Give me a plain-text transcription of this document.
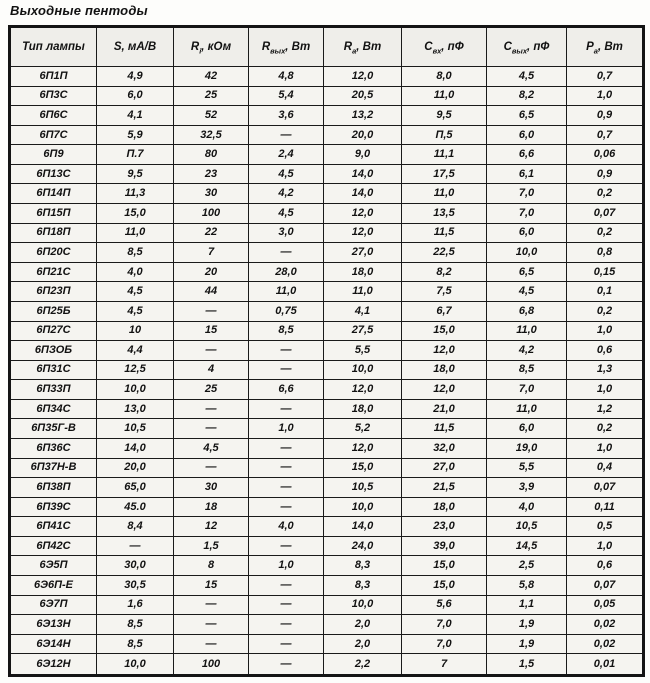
Выходные пентоды
Тип лампы	S, мА/В	$R_i$, кОм	$R_{вых}$, Вт	$R_а$, Вт	$C_{вх}$, пФ	$C_{вых}$, пФ	$P_а$, Вт
6П1П	4,9	42	4,8	12,0	8,0	4,5	0,7
6П3С	6,0	25	5,4	20,5	11,0	8,2	1,0
6П6С	4,1	52	3,6	13,2	9,5	6,5	0,9
6П7С	5,9	32,5	—	20,0	П,5	6,0	0,7
6П9	П.7	80	2,4	9,0	11,1	6,6	0,06
6П13С	9,5	23	4,5	14,0	17,5	6,1	0,9
6П14П	11,3	30	4,2	14,0	11,0	7,0	0,2
6П15П	15,0	100	4,5	12,0	13,5	7,0	0,07
6П18П	11,0	22	3,0	12,0	11,5	6,0	0,2
6П20С	8,5	7	—	27,0	22,5	10,0	0,8
6П21С	4,0	20	28,0	18,0	8,2	6,5	0,15
6П23П	4,5	44	11,0	11,0	7,5	4,5	0,1
6П25Б	4,5	—	0,75	4,1	6,7	6,8	0,2
6П27С	10	15	8,5	27,5	15,0	11,0	1,0
6ПЗОБ	4,4	—	—	5,5	12,0	4,2	0,6
6П31С	12,5	4	—	10,0	18,0	8,5	1,3
6П33П	10,0	25	6,6	12,0	12,0	7,0	1,0
6П34С	13,0	—	—	18,0	21,0	11,0	1,2
6П35Г-В	10,5	—	1,0	5,2	11,5	6,0	0,2
6П36С	14,0	4,5	—	12,0	32,0	19,0	1,0
6П37Н-В	20,0	—	—	15,0	27,0	5,5	0,4
6П38П	65,0	30	—	10,5	21,5	3,9	0,07
6П39С	45.0	18	—	10,0	18,0	4,0	0,11
6П41С	8,4	12	4,0	14,0	23,0	10,5	0,5
6П42С	—	1,5	—	24,0	39,0	14,5	1,0
6Э5П	30,0	8	1,0	8,3	15,0	2,5	0,6
6Э6П-Е	30,5	15	—	8,3	15,0	5,8	0,07
6Э7П	1,6	—	—	10,0	5,6	1,1	0,05
6Э13Н	8,5	—	—	2,0	7,0	1,9	0,02
6Э14Н	8,5	—	—	2,0	7,0	1,9	0,02
6Э12Н	10,0	100	—	2,2	7	1,5	0,01
